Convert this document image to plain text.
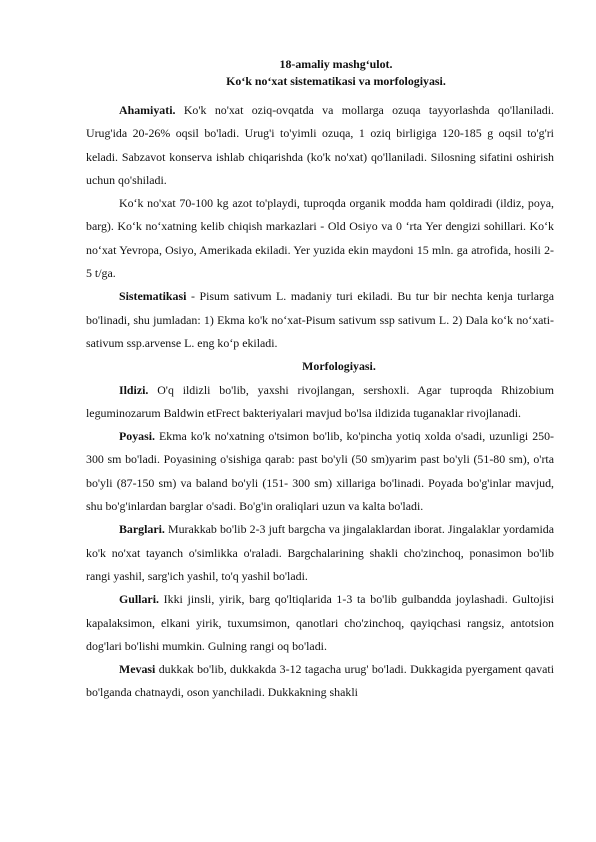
18-amaliy mashg‘ulot.

Ko‘k no‘xat sistematikasi va morfologiyasi.

Ahamiyati. Ko'k no'xat oziq-ovqatda va mollarga ozuqa tayyorlashda qo'llaniladi. Urug'ida 20-26% oqsil bo'ladi. Urug'i to'yimli ozuqa, 1 oziq birligiga 120-185 g oqsil to'g'ri keladi. Sabzavot konserva ishlab chiqarishda (ko'k no'xat) qo'llaniladi. Silosning sifatini oshirish uchun qo'shiladi.

Ko‘k no'xat 70-100 kg azot to'playdi, tuproqda organik modda ham qoldiradi (ildiz, poya, barg). Ko‘k no‘xatning kelib chiqish markazlari - Old Osiyo va 0 ‘rta Yer dengizi sohillari. Ko‘k no‘xat Yevropa, Osiyo, Amerikada ekiladi. Yer yuzida ekin maydoni 15 mln. ga atrofida, hosili 2-5 t/ga.

Sistematikasi - Pisum sativum L. madaniy turi ekiladi. Bu tur bir nechta kenja turlarga bo'linadi, shu jumladan: 1) Ekma ko'k no‘xat-Pisum sativum ssp sativum L. 2) Dala ko‘k no‘xati-sativum ssp.arvense L. eng ko‘p ekiladi.

Morfologiyasi.

Ildizi. O'q ildizli bo'lib, yaxshi rivojlangan, sershoxli. Agar tuproqda Rhizobium leguminozarum Baldwin etFrect bakteriyalari mavjud bo'lsa ildizida tuganaklar rivojlanadi.

Poyasi. Ekma ko'k no'xatning o'tsimon bo'lib, ko'pincha yotiq xolda o'sadi, uzunligi 250-300 sm bo'ladi. Poyasining o'sishiga qarab: past bo'yli (50 sm)yarim past bo'yli (51-80 sm), o'rta bo'yli (87-150 sm) va baland bo'yli (151- 300 sm) xillariga bo'linadi. Poyada bo'g'inlar mavjud, shu bo'g'inlardan barglar o'sadi. Bo'g'in oraliqlari uzun va kalta bo'ladi.

Barglari. Murakkab bo'lib 2-3 juft bargcha va jingalaklardan iborat. Jingalaklar yordamida ko'k no'xat tayanch o'simlikka o'raladi. Bargchalarining shakli cho'zinchoq, ponasimon bo'lib rangi yashil, sarg'ich yashil, to'q yashil bo'ladi.

Gullari. Ikki jinsli, yirik, barg qo'ltiqlarida 1-3 ta bo'lib gulbandda joylashadi. Gultojisi kapalaksimon, elkani yirik, tuxumsimon, qanotlari cho'zinchoq, qayiqchasi rangsiz, antotsion dog'lari bo'lishi mumkin. Gulning rangi oq bo'ladi.

Mevasi dukkak bo'lib, dukkakda 3-12 tagacha urug' bo'ladi. Dukkagida pyergament qavati bo'lganda chatnaydi, oson yanchiladi. Dukkakning shakli
